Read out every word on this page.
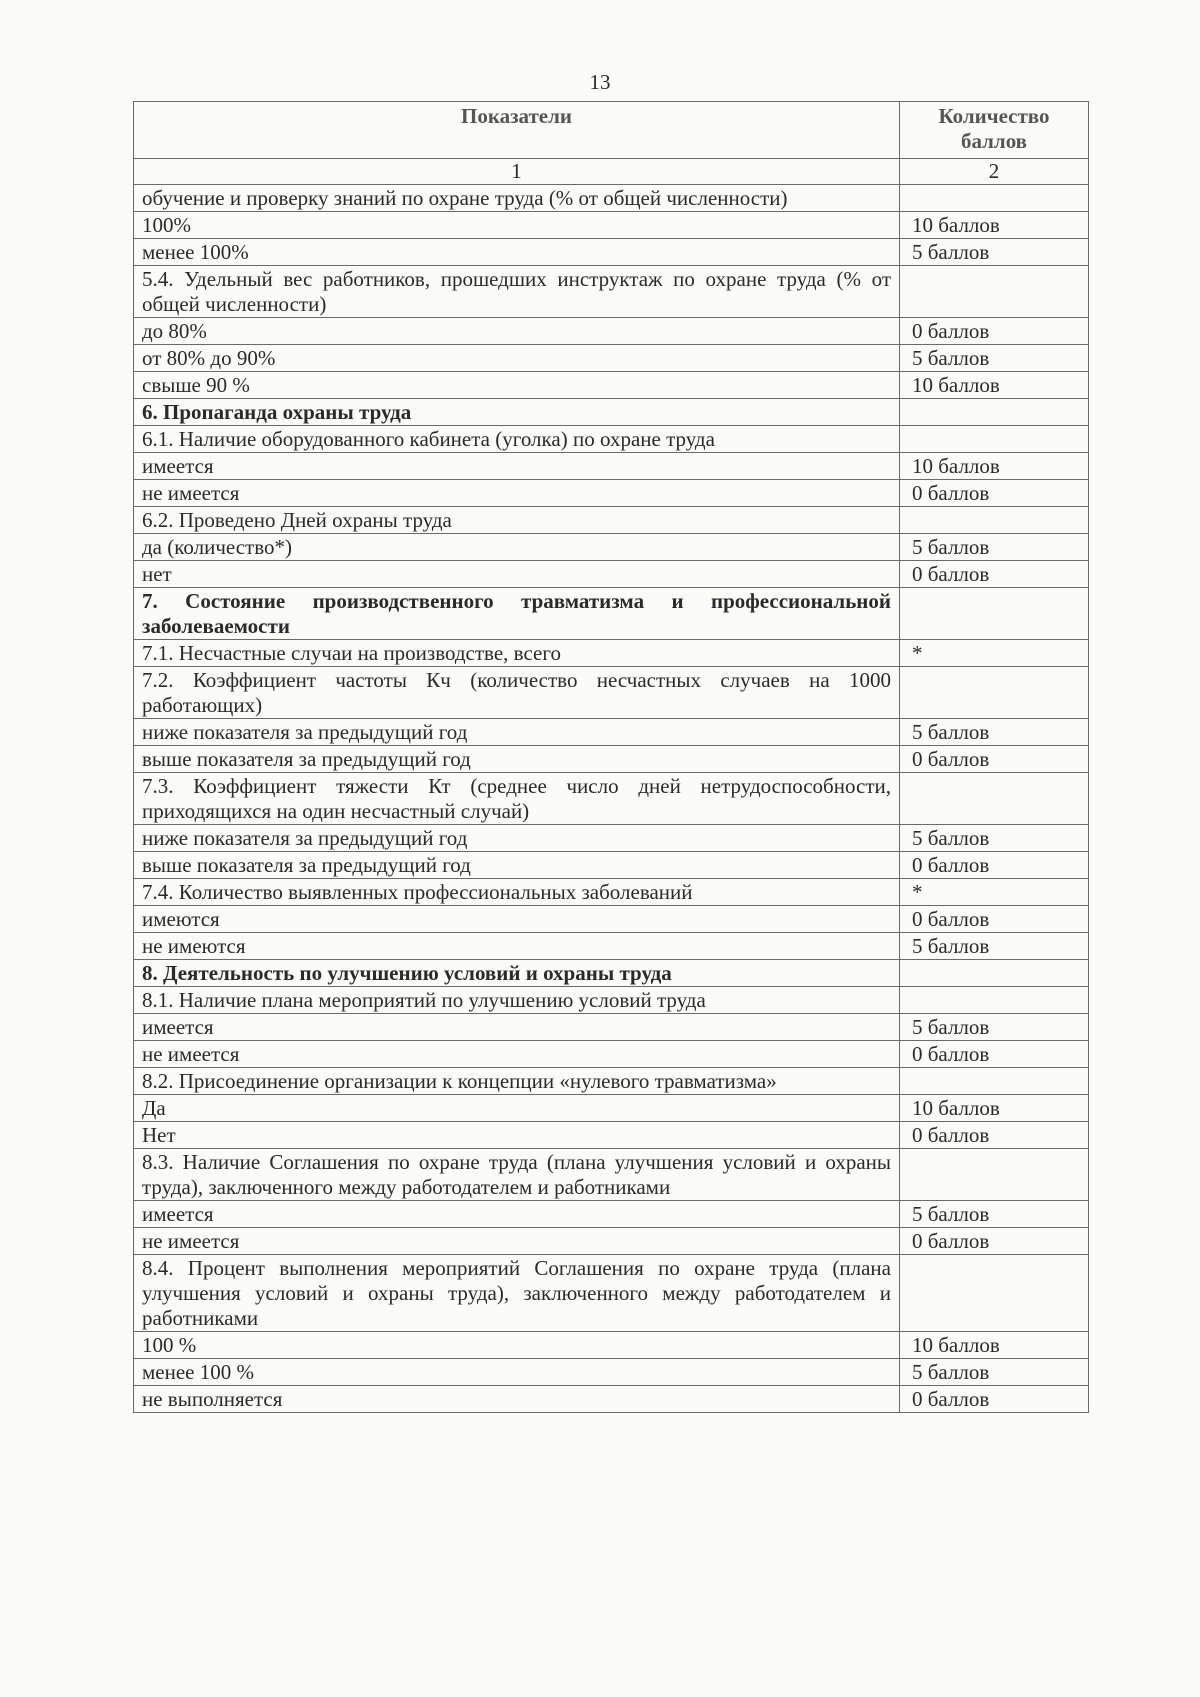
13
Показатели	Количество баллов
1	2
обучение и проверку знаний по охране труда (% от общей численности)	
100%	10 баллов
менее 100%	5 баллов
5.4. Удельный вес работников, прошедших инструктаж по охране труда (% от общей численности)	
до 80%	0 баллов
от 80% до 90%	5 баллов
свыше 90 %	10 баллов
6. Пропаганда охраны труда	
6.1. Наличие оборудованного кабинета (уголка) по охране труда	
имеется	10 баллов
не имеется	0 баллов
6.2. Проведено Дней охраны труда	
да (количество*)	5 баллов
нет	0 баллов
7. Состояние производственного травматизма и профессиональной заболеваемости	
7.1. Несчастные случаи на производстве, всего	*
7.2. Коэффициент частоты Кч (количество несчастных случаев на 1000 работающих)	
ниже показателя за предыдущий год	5 баллов
выше показателя за предыдущий год	0 баллов
7.3. Коэффициент тяжести Кт (среднее число дней нетрудоспособности, приходящихся на один несчастный случай)	
ниже показателя за предыдущий год	5 баллов
выше показателя за предыдущий год	0 баллов
7.4. Количество выявленных профессиональных заболеваний	*
имеются	0 баллов
не имеются	5 баллов
8. Деятельность по улучшению условий и охраны труда	
8.1. Наличие плана мероприятий по улучшению условий труда	
имеется	5 баллов
не имеется	0 баллов
8.2. Присоединение организации к концепции «нулевого травматизма»	
Да	10 баллов
Нет	0 баллов
8.3. Наличие Соглашения по охране труда (плана улучшения условий и охраны труда), заключенного между работодателем и работниками	
имеется	5 баллов
не имеется	0 баллов
8.4. Процент выполнения мероприятий Соглашения по охране труда (плана улучшения условий и охраны труда), заключенного между работодателем и работниками	
100 %	10 баллов
менее 100 %	5 баллов
не выполняется	0 баллов
